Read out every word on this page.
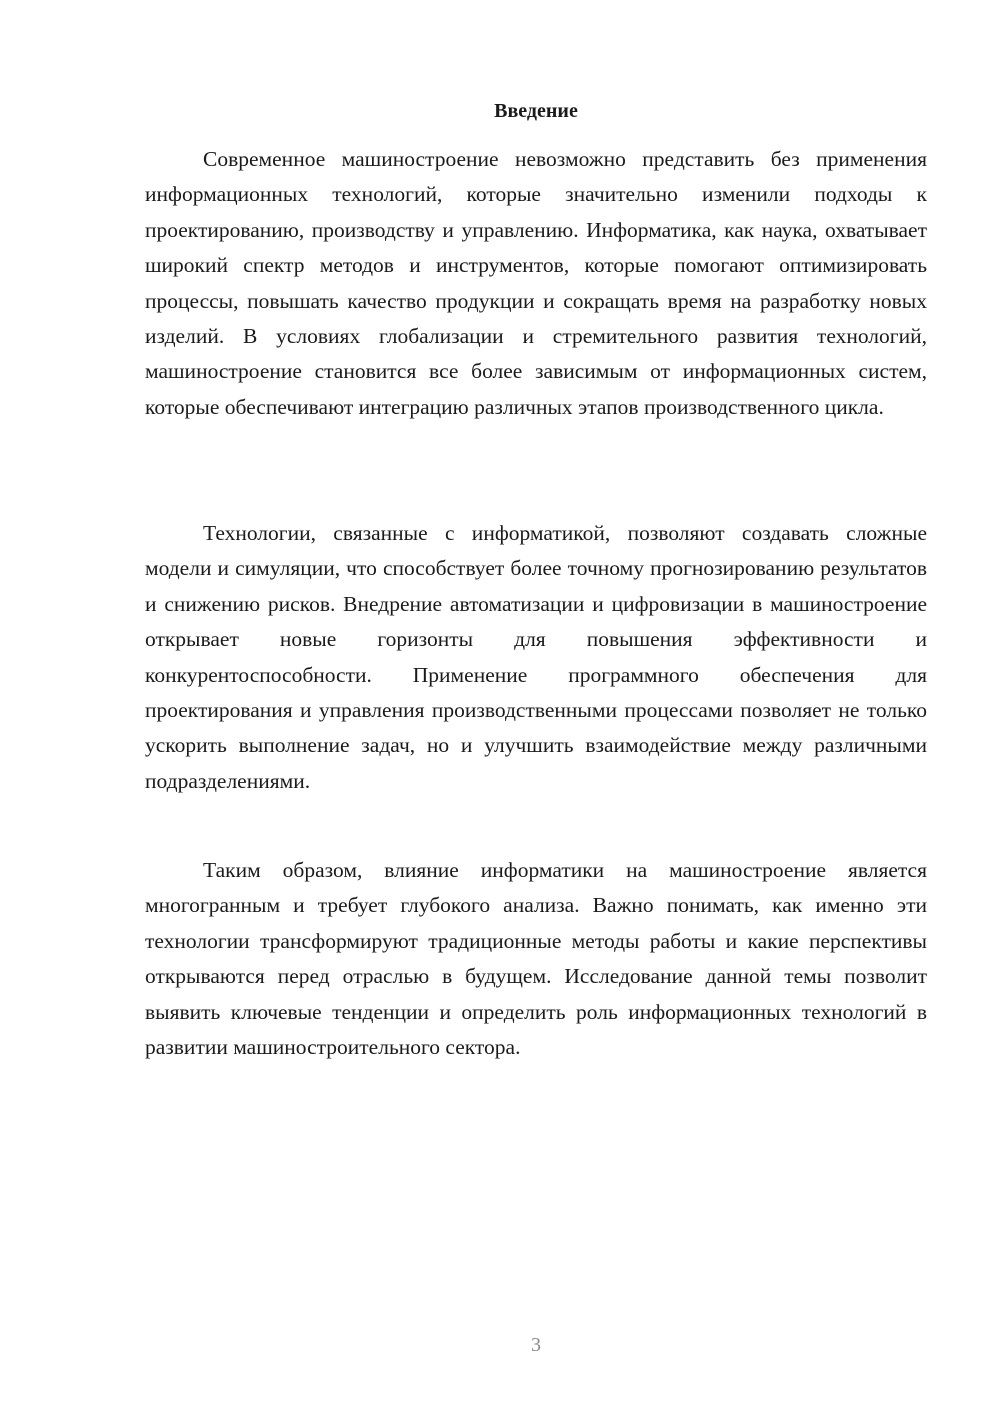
Введение

Современное машиностроение невозможно представить без применения информационных технологий, которые значительно изменили подходы к проектированию, производству и управлению. Информатика, как наука, охватывает широкий спектр методов и инструментов, которые помогают оптимизировать процессы, повышать качество продукции и сокращать время на разработку новых изделий. В условиях глобализации и стремительного развития технологий, машиностроение становится все более зависимым от информационных систем, которые обеспечивают интеграцию различных этапов производственного цикла.

Технологии, связанные с информатикой, позволяют создавать сложные модели и симуляции, что способствует более точному прогнозированию результатов и снижению рисков. Внедрение автоматизации и цифровизации в машиностроение открывает новые горизонты для повышения эффективности и конкурентоспособности. Применение программного обеспечения для проектирования и управления производственными процессами позволяет не только ускорить выполнение задач, но и улучшить взаимодействие между различными подразделениями.

Таким образом, влияние информатики на машиностроение является многогранным и требует глубокого анализа. Важно понимать, как именно эти технологии трансформируют традиционные методы работы и какие перспективы открываются перед отраслью в будущем. Исследование данной темы позволит выявить ключевые тенденции и определить роль информационных технологий в развитии машиностроительного сектора.

3
